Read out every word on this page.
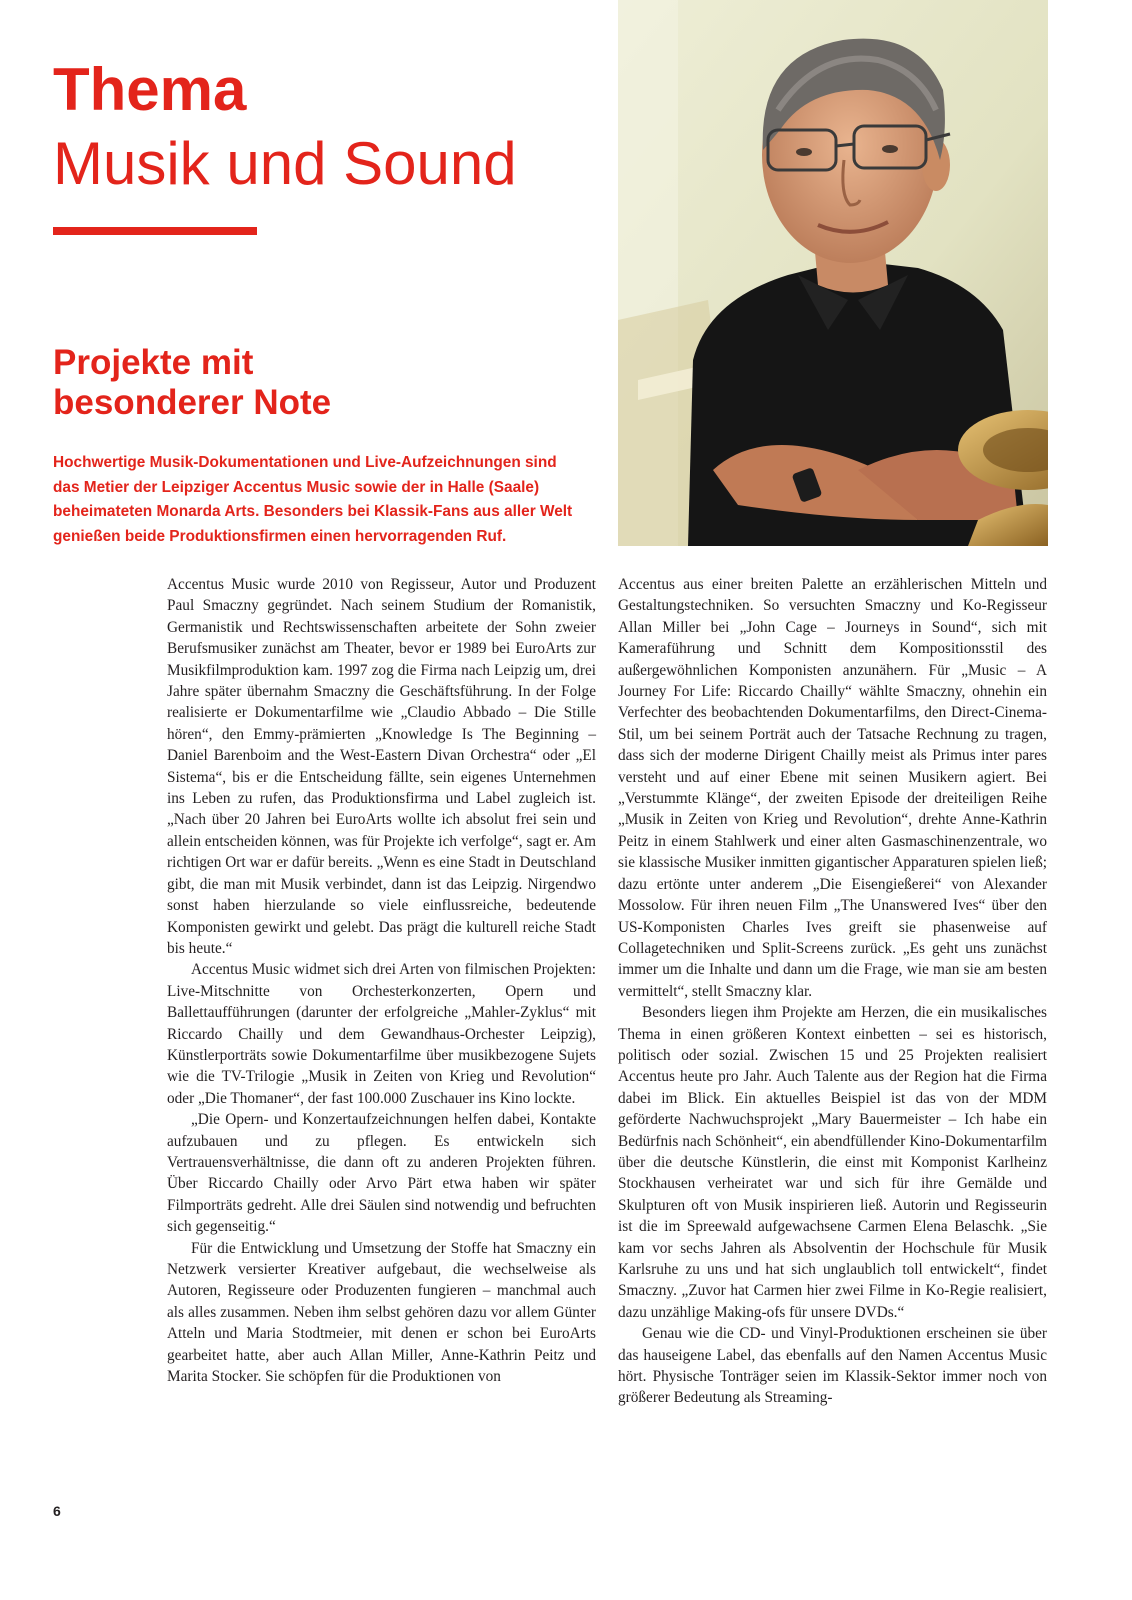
Thema
Musik und Sound
Projekte mit
besonderer Note

Hochwertige Musik-Dokumentationen und Live-Aufzeichnungen sind das Metier der Leipziger Accentus Music sowie der in Halle (Saale) beheimateten Monarda Arts. Besonders bei Klassik-Fans aus aller Welt genießen beide Produktionsfirmen einen hervorragenden Ruf.

Accentus Music wurde 2010 von Regisseur, Autor und Produzent Paul Smaczny gegründet. Nach seinem Studium der Romanistik, Germanistik und Rechtswissenschaften arbeitete der Sohn zweier Berufsmusiker zunächst am Theater, bevor er 1989 bei EuroArts zur Musikfilmproduktion kam. 1997 zog die Firma nach Leipzig um, drei Jahre später übernahm Smaczny die Geschäftsführung. In der Folge realisierte er Dokumentarfilme wie „Claudio Abbado – Die Stille hören“, den Emmy-prämierten „Knowledge Is The Beginning – Daniel Barenboim and the West-Eastern Divan Orchestra“ oder „El Sistema“, bis er die Entscheidung fällte, sein eigenes Unternehmen ins Leben zu rufen, das Produktionsfirma und Label zugleich ist. „Nach über 20 Jahren bei EuroArts wollte ich absolut frei sein und allein entscheiden können, was für Projekte ich verfolge“, sagt er. Am richtigen Ort war er dafür bereits. „Wenn es eine Stadt in Deutschland gibt, die man mit Musik verbindet, dann ist das Leipzig. Nirgendwo sonst haben hierzulande so viele einflussreiche, bedeutende Komponisten gewirkt und gelebt. Das prägt die kulturell reiche Stadt bis heute.“

Accentus Music widmet sich drei Arten von filmischen Projekten: Live-Mitschnitte von Orchesterkonzerten, Opern und Ballettaufführungen (darunter der erfolgreiche „Mahler-Zyklus“ mit Riccardo Chailly und dem Gewandhaus-Orchester Leipzig), Künstlerporträts sowie Dokumentarfilme über musikbezogene Sujets wie die TV-Trilogie „Musik in Zeiten von Krieg und Revolution“ oder „Die Thomaner“, der fast 100.000 Zuschauer ins Kino lockte.

„Die Opern- und Konzertaufzeichnungen helfen dabei, Kontakte aufzubauen und zu pflegen. Es entwickeln sich Vertrauensverhältnisse, die dann oft zu anderen Projekten führen. Über Riccardo Chailly oder Arvo Pärt etwa haben wir später Filmporträts gedreht. Alle drei Säulen sind notwendig und befruchten sich gegenseitig.“

Für die Entwicklung und Umsetzung der Stoffe hat Smaczny ein Netzwerk versierter Kreativer aufgebaut, die wechselweise als Autoren, Regisseure oder Produzenten fungieren – manchmal auch als alles zusammen. Neben ihm selbst gehören dazu vor allem Günter Atteln und Maria Stodtmeier, mit denen er schon bei EuroArts gearbeitet hatte, aber auch Allan Miller, Anne-Kathrin Peitz und Marita Stocker. Sie schöpfen für die Produktionen von

Accentus aus einer breiten Palette an erzählerischen Mitteln und Gestaltungstechniken. So versuchten Smaczny und Ko-Regisseur Allan Miller bei „John Cage – Journeys in Sound“, sich mit Kameraführung und Schnitt dem Kompositionsstil des außergewöhnlichen Komponisten anzunähern. Für „Music – A Journey For Life: Riccardo Chailly“ wählte Smaczny, ohnehin ein Verfechter des beobachtenden Dokumentarfilms, den Direct-Cinema-Stil, um bei seinem Porträt auch der Tatsache Rechnung zu tragen, dass sich der moderne Dirigent Chailly meist als Primus inter pares versteht und auf einer Ebene mit seinen Musikern agiert. Bei „Verstummte Klänge“, der zweiten Episode der dreiteiligen Reihe „Musik in Zeiten von Krieg und Revolution“, drehte Anne-Kathrin Peitz in einem Stahlwerk und einer alten Gasmaschinenzentrale, wo sie klassische Musiker inmitten gigantischer Apparaturen spielen ließ; dazu ertönte unter anderem „Die Eisengießerei“ von Alexander Mossolow. Für ihren neuen Film „The Unanswered Ives“ über den US-Komponisten Charles Ives greift sie phasenweise auf Collagetechniken und Split-Screens zurück. „Es geht uns zunächst immer um die Inhalte und dann um die Frage, wie man sie am besten vermittelt“, stellt Smaczny klar.

Besonders liegen ihm Projekte am Herzen, die ein musikalisches Thema in einen größeren Kontext einbetten – sei es historisch, politisch oder sozial. Zwischen 15 und 25 Projekten realisiert Accentus heute pro Jahr. Auch Talente aus der Region hat die Firma dabei im Blick. Ein aktuelles Beispiel ist das von der MDM geförderte Nachwuchsprojekt „Mary Bauermeister – Ich habe ein Bedürfnis nach Schönheit“, ein abendfüllender Kino-Dokumentarfilm über die deutsche Künstlerin, die einst mit Komponist Karlheinz Stockhausen verheiratet war und sich für ihre Gemälde und Skulpturen oft von Musik inspirieren ließ. Autorin und Regisseurin ist die im Spreewald aufgewachsene Carmen Elena Belaschk. „Sie kam vor sechs Jahren als Absolventin der Hochschule für Musik Karlsruhe zu uns und hat sich unglaublich toll entwickelt“, findet Smaczny. „Zuvor hat Carmen hier zwei Filme in Ko-Regie realisiert, dazu unzählige Making-ofs für unsere DVDs.“

Genau wie die CD- und Vinyl-Produktionen erscheinen sie über das hauseigene Label, das ebenfalls auf den Namen Accentus Music hört. Physische Tonträger seien im Klassik-Sektor immer noch von größerer Bedeutung als Streaming-

6
